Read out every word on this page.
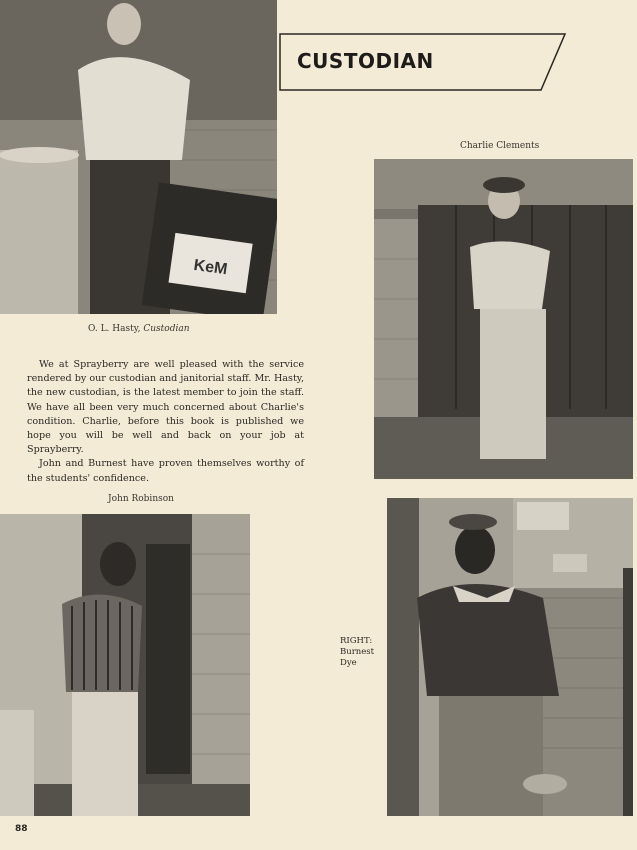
KeM
CUSTODIAN
O. L. Hasty, Custodian
Charlie Clements

We at Sprayberry are well pleased with the service rendered by our custodian and janitorial staff. Mr. Hasty, the new custodian, is the latest member to join the staff. We have all been very much concerned about Charlie's condition. Charlie, before this book is published we hope you will be well and back on your job at Sprayberry.

John and Burnest have proven themselves worthy of the students' confidence.

John Robinson
RIGHT:
Burnest
Dye
88
